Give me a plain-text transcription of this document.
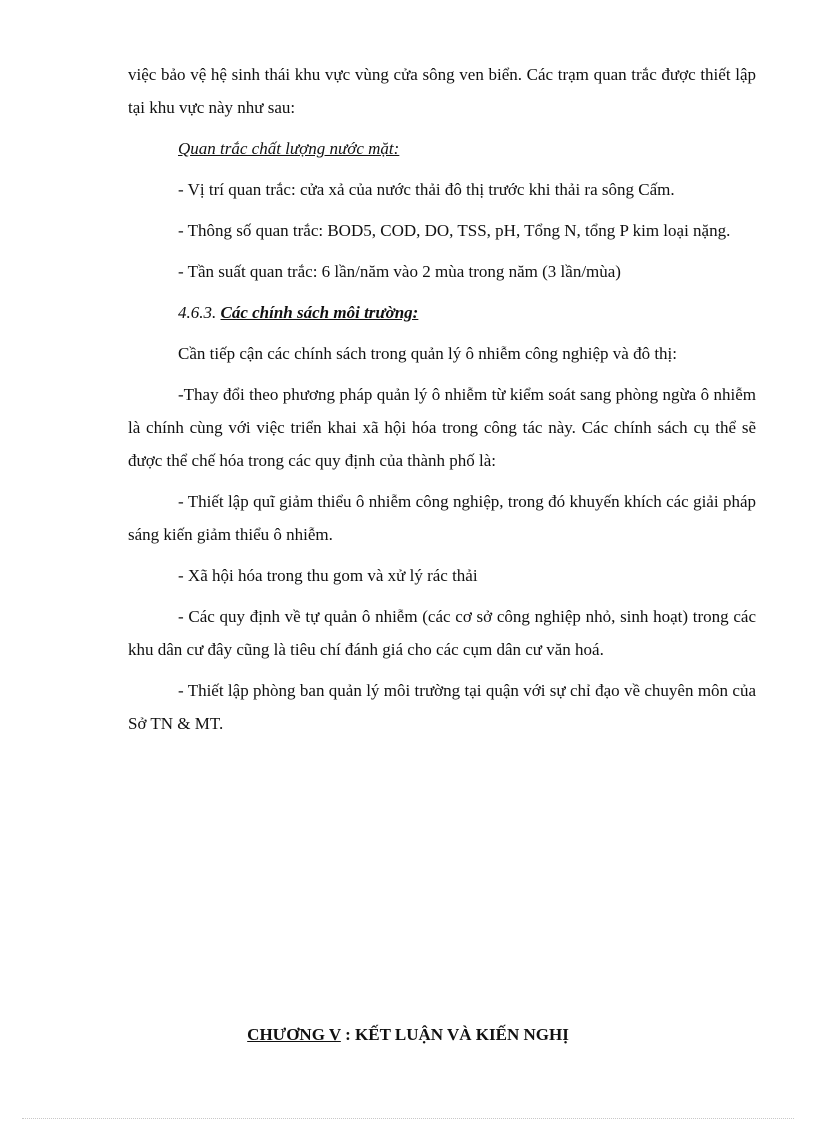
việc bảo vệ hệ sinh thái khu vực vùng cửa sông ven biển. Các trạm quan trắc được thiết lập tại khu vực này như sau:

Quan trắc chất lượng nước mặt:

- Vị trí quan trắc: cửa xả của nước thải đô thị trước khi thải ra sông Cấm.

- Thông số quan trắc: BOD5, COD, DO, TSS, pH, Tổng N, tổng P kim loại nặng.

- Tần suất quan trắc: 6 lần/năm vào 2 mùa trong năm (3 lần/mùa)

4.6.3. Các chính sách môi trường:

Cần tiếp cận các chính sách trong quản lý ô nhiễm công nghiệp và đô thị:

-Thay đổi theo phương pháp quản lý ô nhiễm từ kiểm soát sang phòng ngừa ô nhiễm là chính cùng với việc triển khai xã hội hóa trong công tác này. Các chính sách cụ thể sẽ được thể chế hóa trong các quy định của thành phố là:

- Thiết lập quĩ giảm thiểu ô nhiễm công nghiệp, trong đó khuyến khích các giải pháp sáng kiến giảm thiểu ô nhiễm.

- Xã hội hóa trong thu gom và xử lý rác thải

- Các quy định về tự quản ô nhiễm (các cơ sở công nghiệp nhỏ, sinh hoạt) trong các khu dân cư đây cũng là tiêu chí đánh giá cho các cụm dân cư văn hoá.

- Thiết lập phòng ban quản lý môi trường tại quận với sự chỉ đạo về chuyên môn của Sở TN & MT.

CHƯƠNG V : KẾT LUẬN VÀ KIẾN NGHỊ
